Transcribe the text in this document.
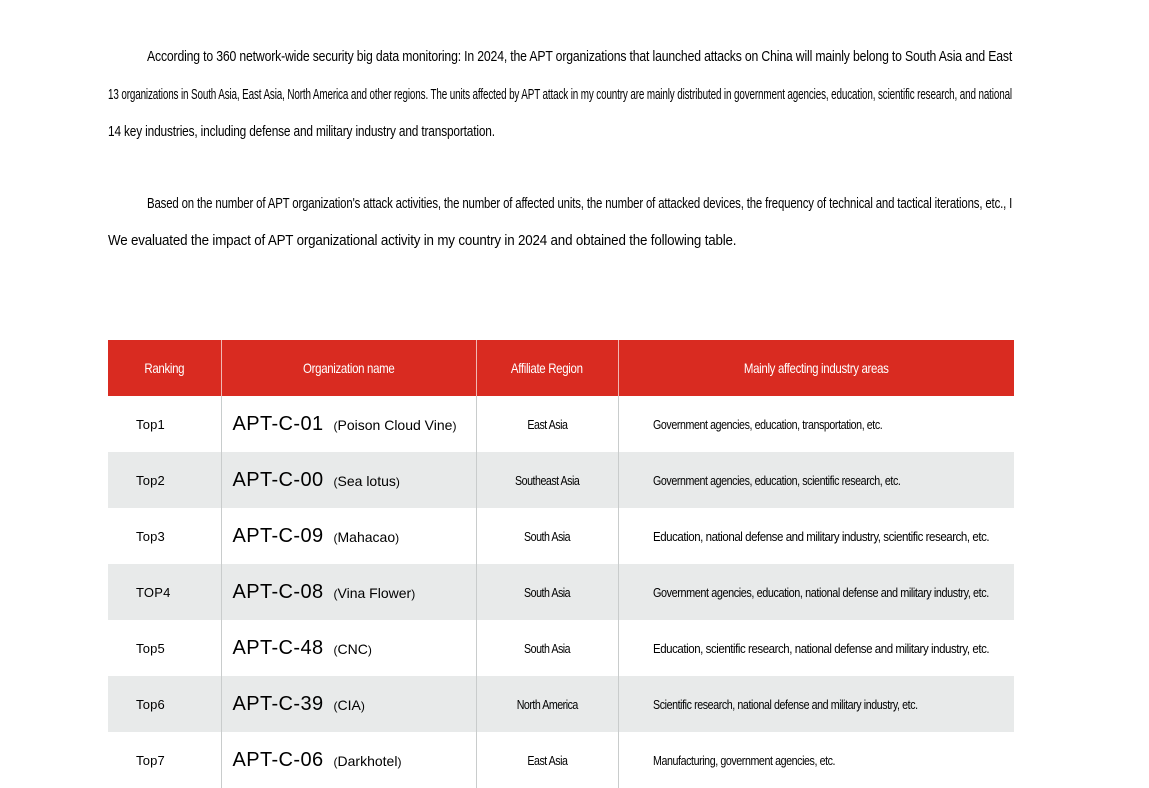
According to 360 network-wide security big data monitoring: In 2024, the APT organizations that launched attacks on China will mainly belong to South Asia and East
13 organizations in South Asia, East Asia, North America and other regions. The units affected by APT attack in my country are mainly distributed in government agencies, education, scientific research, and national
14 key industries, including defense and military industry and transportation.
Based on the number of APT organization's attack activities, the number of affected units, the number of attacked devices, the frequency of technical and tactical iterations, etc., I
We evaluated the impact of APT organizational activity in my country in 2024 and obtained the following table.
Ranking	Organization name	Affiliate Region	Mainly affecting industry areas
Top1	APT-C-01 (Poison Cloud Vine)	East Asia	Government agencies, education, transportation, etc.
Top2	APT-C-00 (Sea lotus)	Southeast Asia	Government agencies, education, scientific research, etc.
Top3	APT-C-09 (Mahacao)	South Asia	Education, national defense and military industry, scientific research, etc.
TOP4	APT-C-08 (Vina Flower)	South Asia	Government agencies, education, national defense and military industry, etc.
Top5	APT-C-48 (CNC)	South Asia	Education, scientific research, national defense and military industry, etc.
Top6	APT-C-39 (CIA)	North America	Scientific research, national defense and military industry, etc.
Top7	APT-C-06 (Darkhotel)	East Asia	Manufacturing, government agencies, etc.
